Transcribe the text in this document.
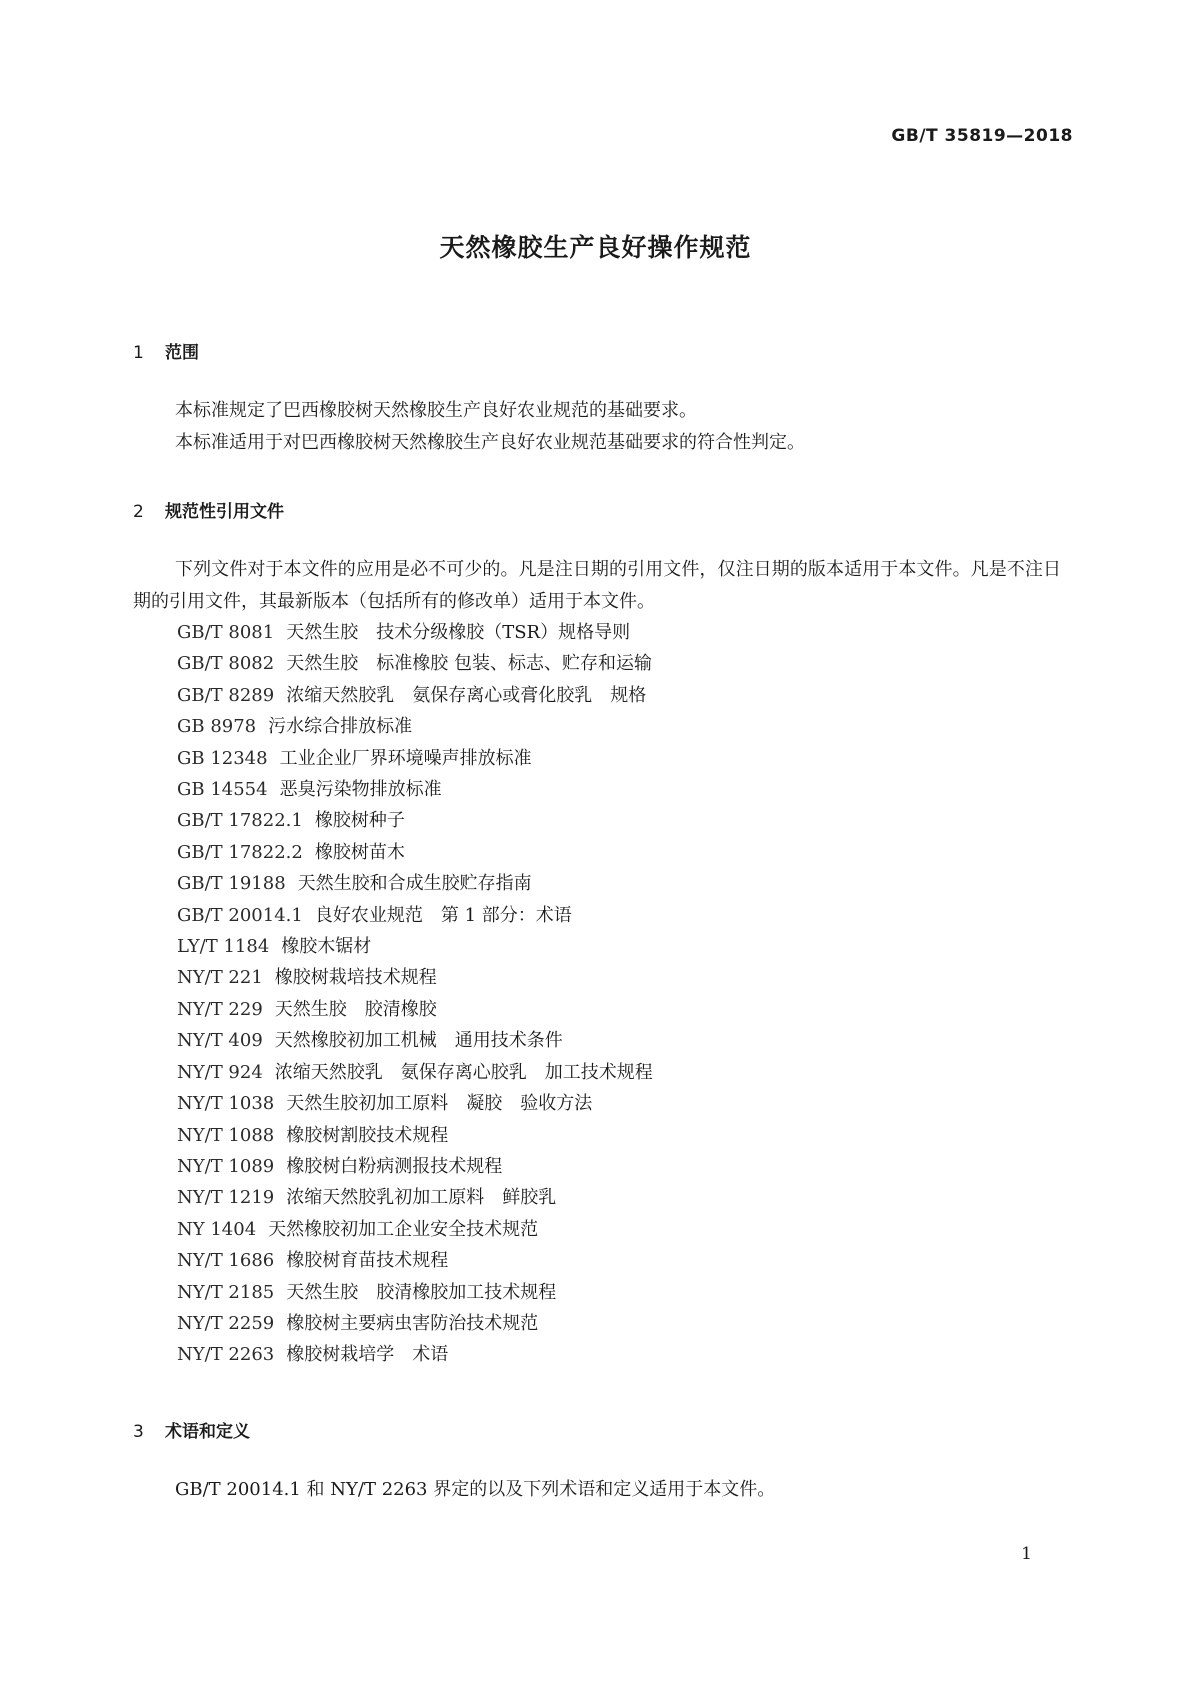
GB/T 35819—2018
天然橡胶生产良好操作规范
1 范围

本标准规定了巴西橡胶树天然橡胶生产良好农业规范的基础要求。

本标准适用于对巴西橡胶树天然橡胶生产良好农业规范基础要求的符合性判定。

2 规范性引用文件

下列文件对于本文件的应用是必不可少的。凡是注日期的引用文件，仅注日期的版本适用于本文件。凡是不注日期的引用文件，其最新版本（包括所有的修改单）适用于本文件。

GB/T 8081 天然生胶　技术分级橡胶（TSR）规格导则
GB/T 8082 天然生胶　标准橡胶 包装、标志、贮存和运输
GB/T 8289 浓缩天然胶乳　氨保存离心或膏化胶乳　规格
GB 8978 污水综合排放标准
GB 12348 工业企业厂界环境噪声排放标准
GB 14554 恶臭污染物排放标准
GB/T 17822.1 橡胶树种子
GB/T 17822.2 橡胶树苗木
GB/T 19188 天然生胶和合成生胶贮存指南
GB/T 20014.1 良好农业规范　第 1 部分：术语
LY/T 1184 橡胶木锯材
NY/T 221 橡胶树栽培技术规程
NY/T 229 天然生胶　胶清橡胶
NY/T 409 天然橡胶初加工机械　通用技术条件
NY/T 924 浓缩天然胶乳　氨保存离心胶乳　加工技术规程
NY/T 1038 天然生胶初加工原料　凝胶　验收方法
NY/T 1088 橡胶树割胶技术规程
NY/T 1089 橡胶树白粉病测报技术规程
NY/T 1219 浓缩天然胶乳初加工原料　鲜胶乳
NY 1404 天然橡胶初加工企业安全技术规范
NY/T 1686 橡胶树育苗技术规程
NY/T 2185 天然生胶　胶清橡胶加工技术规程
NY/T 2259 橡胶树主要病虫害防治技术规范
NY/T 2263 橡胶树栽培学　术语
3 术语和定义

GB/T 20014.1 和 NY/T 2263 界定的以及下列术语和定义适用于本文件。

1
